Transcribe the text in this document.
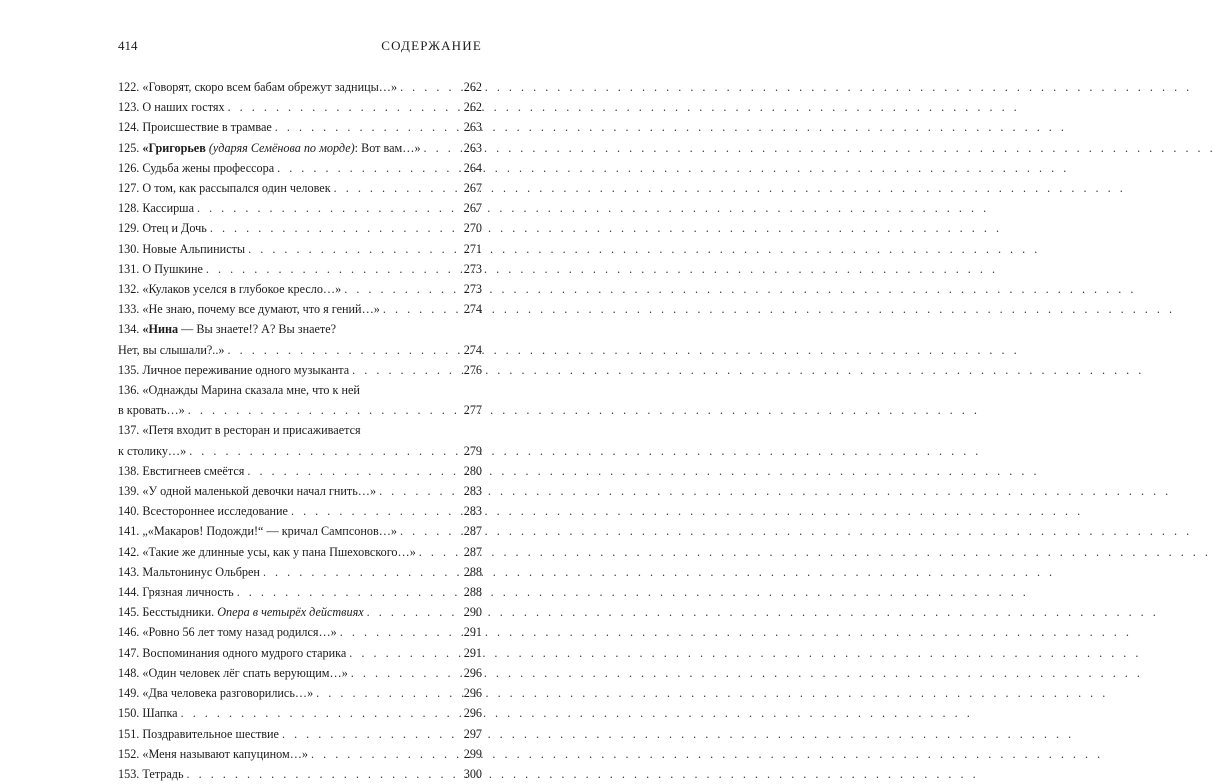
414	СОДЕРЖАНИЕ
122. «Говорят, скоро всем бабам обрежут задницы…» . . .	262
123. О наших гостях . . .	262
124. Происшествие в трамвае . . .	263
125. «Григорьев (ударяя Семёнова по морде): Вот вам…» . . .	263
126. Судьба жены профессора . . .	264
127. О том, как рассыпался один человек . . .	267
128. Кассирша . . .	267
129. Отец и Дочь . . .	270
130. Новые Альпинисты . . .	271
131. О Пушкине . . .	273
132. «Кулаков уселся в глубокое кресло…» . . .	273
133. «Не знаю, почему все думают, что я гений…» . . .	274
134. «Нина — Вы знаете!? А? Вы знаете?
Нет, вы слышали?..» . . .	274
135. Личное переживание одного музыканта . . .	276
136. «Однажды Марина сказала мне, что к ней
в кровать…» . . .	277
137. «Петя входит в ресторан и присаживается
к столику…» . . .	279
138. Евстигнеев смеётся . . .	280
139. «У одной маленькой девочки начал гнить…» . . .	283
140. Всестороннее исследование . . .	283
141. „«Макаров! Подожди!“ — кричал Сампсонов…» . . .	287
142. «Такие же длинные усы, как у пана Пшеховского…» . . .	287
143. Мальтонинус Ольбрен . . .	288
144. Грязная личность . . .	288
145. Бесстыдники. Опера в четырёх действиях . . .	290
146. «Ровно 56 лет тому назад родился…» . . .	291
147. Воспоминания одного мудрого старика . . .	291
148. «Один человек лёг спать верующим…» . . .	296
149. «Два человека разговорились…» . . .	296
150. Шапка . . .	296
151. Поздравительное шествие . . .	297
152. «Меня называют капуцином…» . . .	299
153. Тетрадь . . .	300
